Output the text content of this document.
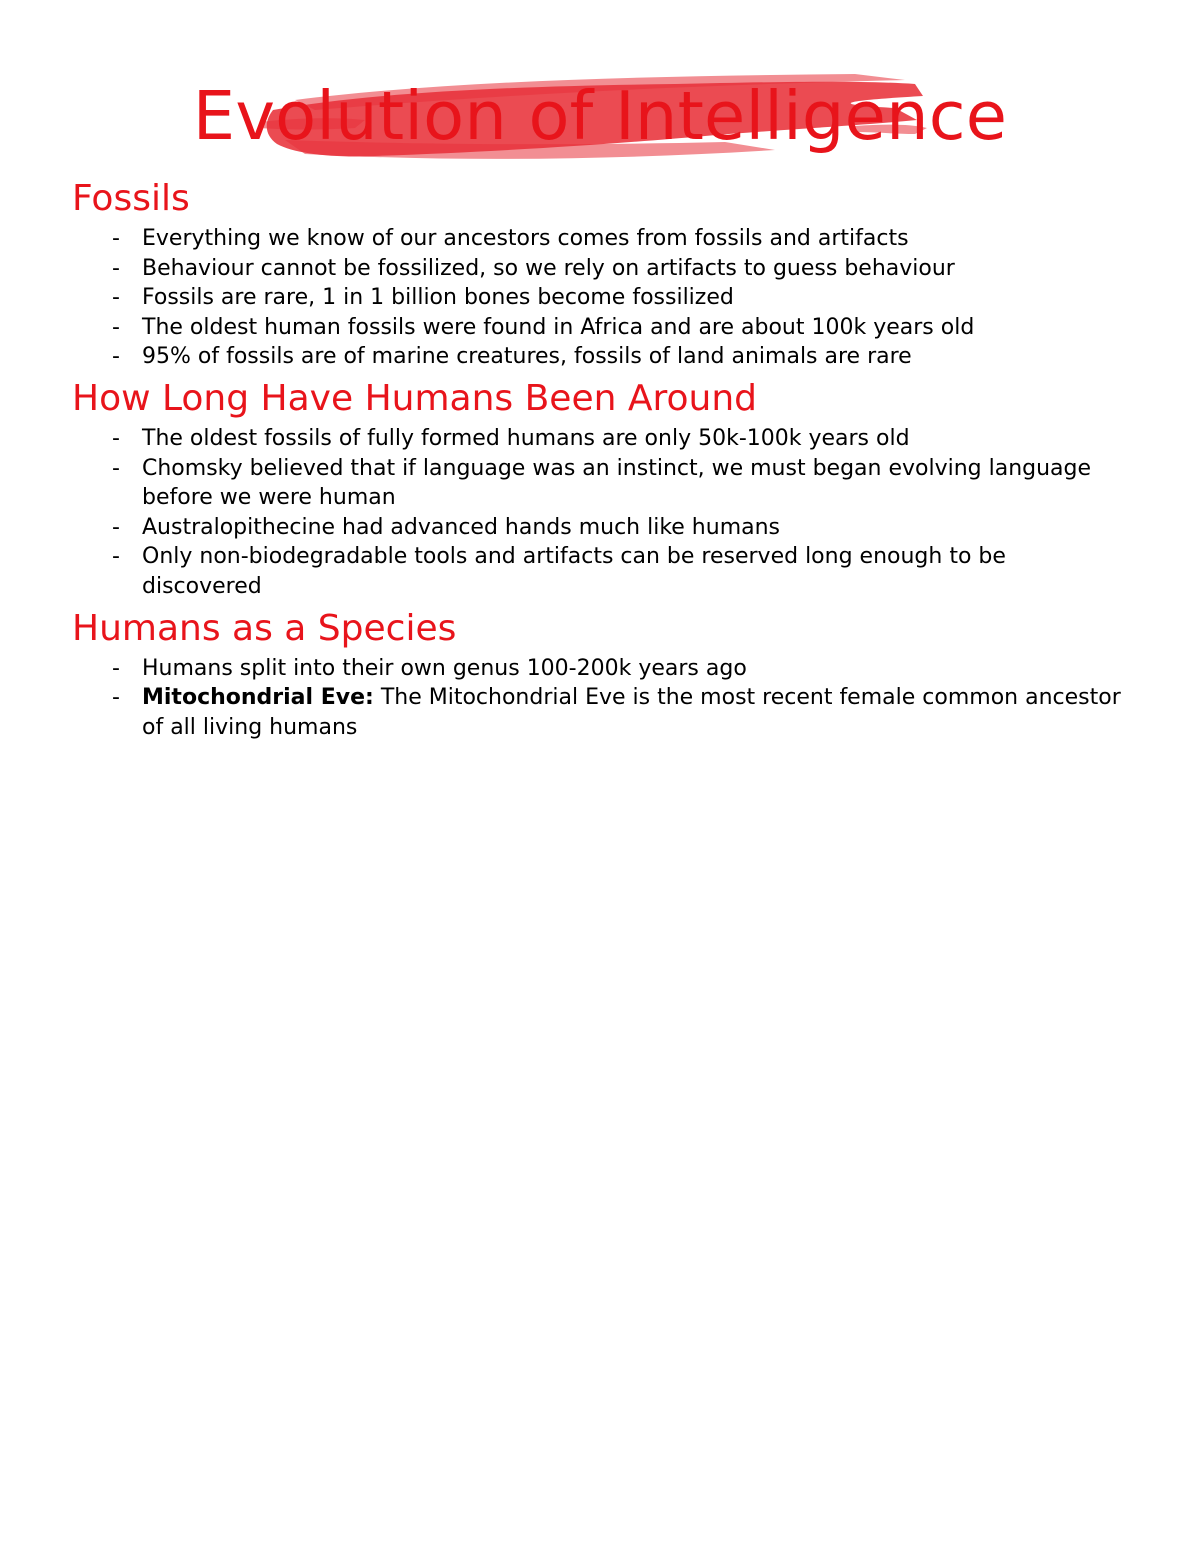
Evolution of Intelligence
Fossils
- Everything we know of our ancestors comes from fossils and artifacts
- Behaviour cannot be fossilized, so we rely on artifacts to guess behaviour
- Fossils are rare, 1 in 1 billion bones become fossilized
- The oldest human fossils were found in Africa and are about 100k years old
- 95% of fossils are of marine creatures, fossils of land animals are rare
How Long Have Humans Been Around
- The oldest fossils of fully formed humans are only 50k-100k years old
- Chomsky believed that if language was an instinct, we must began evolving language before we were human
- Australopithecine had advanced hands much like humans
- Only non-biodegradable tools and artifacts can be reserved long enough to be discovered
Humans as a Species
- Humans split into their own genus 100-200k years ago
- Mitochondrial Eve: The Mitochondrial Eve is the most recent female common ancestor of all living humans
